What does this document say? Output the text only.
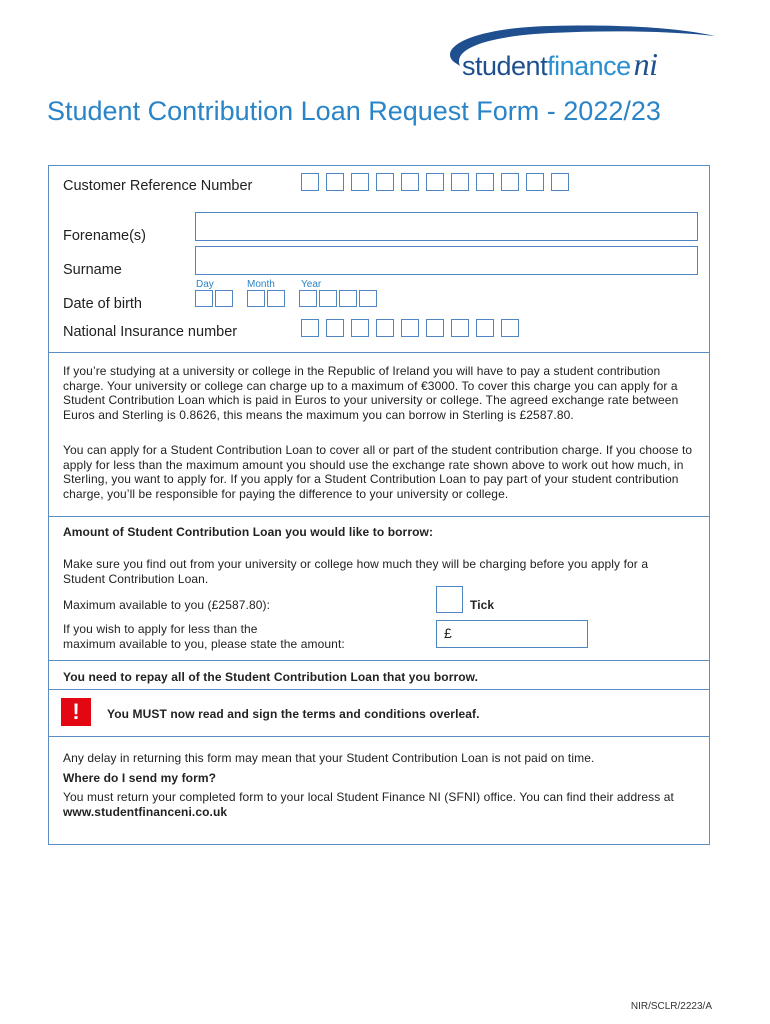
studentfinanceni
Student Contribution Loan Request Form - 2022/23
Customer Reference Number
Forename(s)
Surname
Day	Month	Year
Date of birth
National Insurance number
If you’re studying at a university or college in the Republic of Ireland you will have to pay a student contribution charge. Your university or college can charge up to a maximum of €3000. To cover this charge you can apply for a Student Contribution Loan which is paid in Euros to your university or college. The agreed exchange rate between Euros and Sterling is 0.8626, this means the maximum you can borrow in Sterling is £2587.80.
You can apply for a Student Contribution Loan to cover all or part of the student contribution charge. If you choose to apply for less than the maximum amount you should use the exchange rate shown above to work out how much, in Sterling, you want to apply for. If you apply for a Student Contribution Loan to pay part of your student contribution charge, you’ll be responsible for paying the difference to your university or college.
Amount of Student Contribution Loan you would like to borrow:
Make sure you find out from your university or college how much they will be charging before you apply for a Student Contribution Loan.
Maximum available to you (£2587.80):	Tick
If you wish to apply for less than the
maximum available to you, please state the amount:
£
You need to repay all of the Student Contribution Loan that you borrow.
!	You MUST now read and sign the terms and conditions overleaf.
Any delay in returning this form may mean that your Student Contribution Loan is not paid on time.
Where do I send my form?
You must return your completed form to your local Student Finance NI (SFNI) office. You can find their address at www.studentfinanceni.co.uk
NIR/SCLR/2223/A
